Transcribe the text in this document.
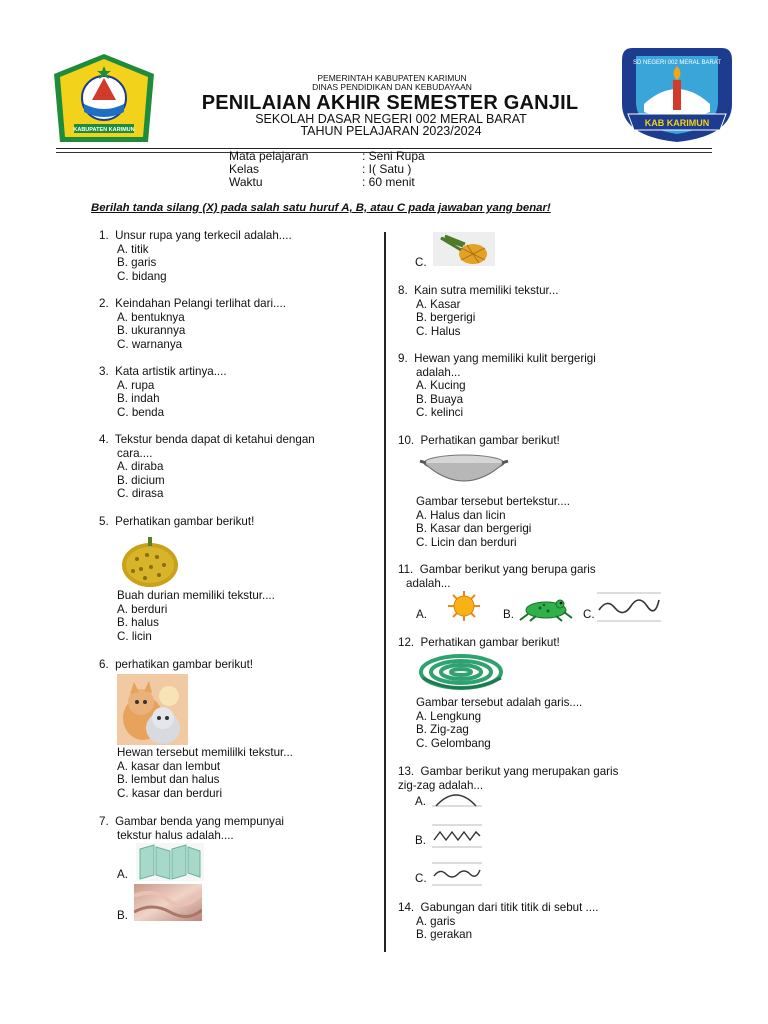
KABUPATEN KARIMUN
PEMERINTAH KABUPATEN KARIMUN
DINAS PENDIDIKAN DAN KEBUDAYAAN
PENILAIAN AKHIR SEMESTER GANJIL
SEKOLAH DASAR NEGERI 002 MERAL BARAT
TAHUN PELAJARAN 2023/2024
SD NEGERI 002 MERAL BARAT
KAB KARIMUN
Mata pelajaran	: Seni Rupa
Kelas	: I( Satu )
Waktu	: 60 menit
Berilah tanda silang (X) pada salah satu huruf A, B, atau C pada jawaban yang benar!
1.  Unsur rupa yang terkecil adalah....
A. titik
B. garis
C. bidang
2.  Keindahan Pelangi terlihat dari....
A. bentuknya
B. ukurannya
C. warnanya
3.  Kata artistik artinya....
A. rupa
B. indah
C. benda
4.  Tekstur benda dapat di ketahui dengan
cara....
A. diraba
B. dicium
C. dirasa
5.  Perhatikan gambar berikut!
Buah durian memiliki tekstur....
A. berduri
B. halus
C. licin
6.  perhatikan gambar berikut!
Hewan tersebut memililki tekstur...
A. kasar dan lembut
B. lembut dan halus
C. kasar dan berduri
7.  Gambar benda yang mempunyai
tekstur halus adalah....
A.
B.
C.
8.  Kain sutra memiliki tekstur...
A. Kasar
B. bergerigi
C. Halus
9.  Hewan yang memiliki kulit bergerigi
adalah...
A. Kucing
B. Buaya
C. kelinci
10.  Perhatikan gambar berikut!
Gambar tersebut bertekstur....
A. Halus dan licin
B. Kasar dan bergerigi
C. Licin dan berduri
11.  Gambar berikut yang berupa garis
adalah...
A.	B.	C.
12.  Perhatikan gambar berikut!
Gambar tersebut adalah garis....
A. Lengkung
B. Zig-zag
C. Gelombang
13.  Gambar berikut yang merupakan garis
zig-zag adalah...
A.
B.
C.
14.  Gabungan dari titik titik di sebut ....
A. garis
B. gerakan
